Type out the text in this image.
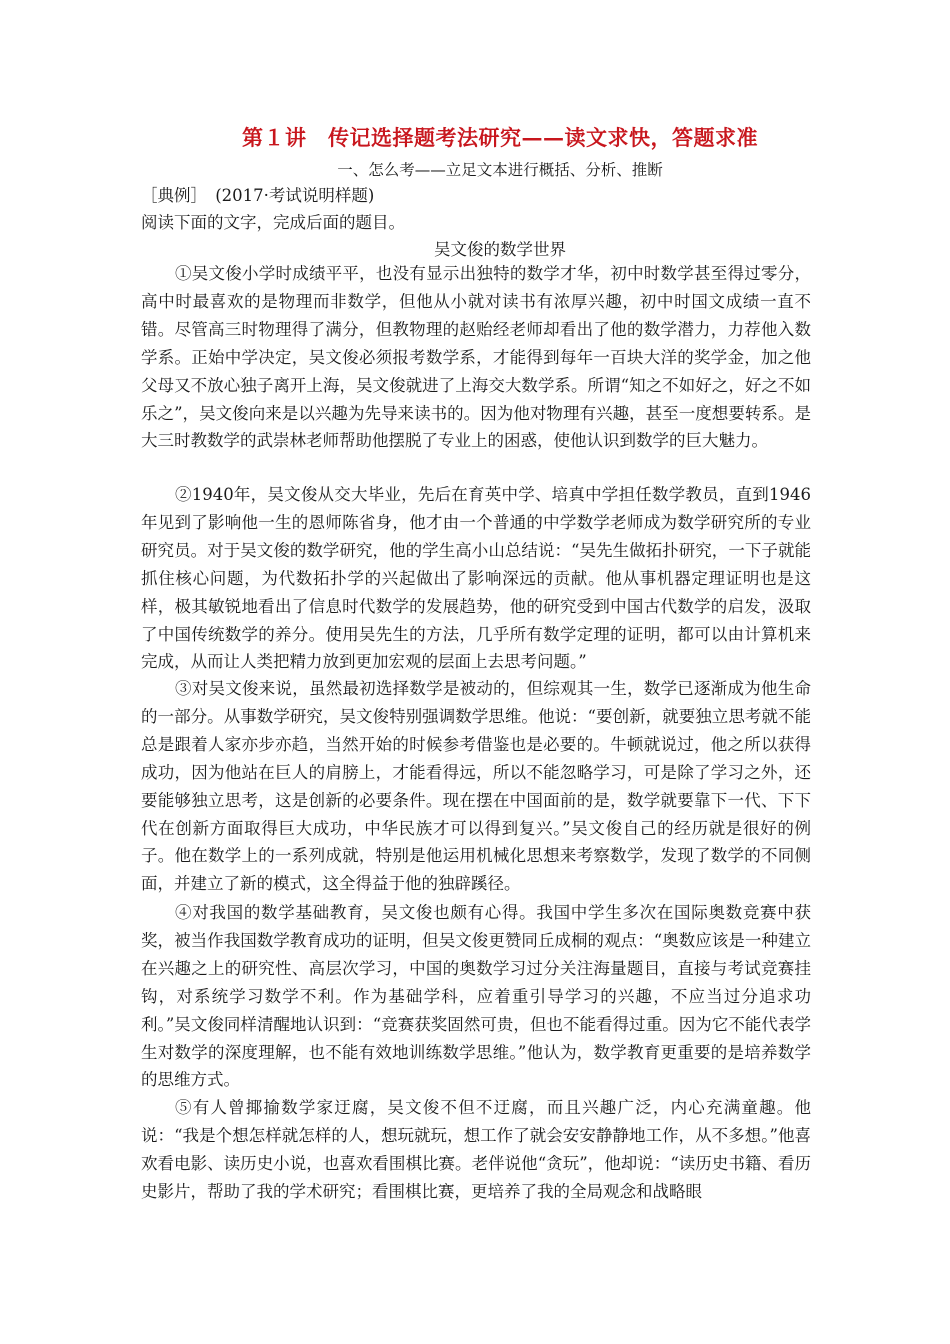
第１讲　传记选择题考法研究——读文求快，答题求准
一、怎么考——立足文本进行概括、分析、推断
［典例］　(2017·考试说明样题)
阅读下面的文字，完成后面的题目。
吴文俊的数学世界
①吴文俊小学时成绩平平，也没有显示出独特的数学才华，初中时数学甚至得过零分，高中时最喜欢的是物理而非数学，但他从小就对读书有浓厚兴趣，初中时国文成绩一直不错。尽管高三时物理得了满分，但教物理的赵贻经老师却看出了他的数学潜力，力荐他入数学系。正始中学决定，吴文俊必须报考数学系，才能得到每年一百块大洋的奖学金，加之他父母又不放心独子离开上海，吴文俊就进了上海交大数学系。所谓“知之不如好之，好之不如乐之”，吴文俊向来是以兴趣为先导来读书的。因为他对物理有兴趣，甚至一度想要转系。是大三时教数学的武崇林老师帮助他摆脱了专业上的困惑，使他认识到数学的巨大魅力。
②1940年，吴文俊从交大毕业，先后在育英中学、培真中学担任数学教员，直到1946年见到了影响他一生的恩师陈省身，他才由一个普通的中学数学老师成为数学研究所的专业研究员。对于吴文俊的数学研究，他的学生高小山总结说：“吴先生做拓扑研究，一下子就能抓住核心问题，为代数拓扑学的兴起做出了影响深远的贡献。他从事机器定理证明也是这样，极其敏锐地看出了信息时代数学的发展趋势，他的研究受到中国古代数学的启发，汲取了中国传统数学的养分。使用吴先生的方法，几乎所有数学定理的证明，都可以由计算机来完成，从而让人类把精力放到更加宏观的层面上去思考问题。”
③对吴文俊来说，虽然最初选择数学是被动的，但综观其一生，数学已逐渐成为他生命的一部分。从事数学研究，吴文俊特别强调数学思维。他说：“要创新，就要独立思考就不能总是跟着人家亦步亦趋，当然开始的时候参考借鉴也是必要的。牛顿就说过，他之所以获得成功，因为他站在巨人的肩膀上，才能看得远，所以不能忽略学习，可是除了学习之外，还要能够独立思考，这是创新的必要条件。现在摆在中国面前的是，数学就要靠下一代、下下代在创新方面取得巨大成功，中华民族才可以得到复兴。”吴文俊自己的经历就是很好的例子。他在数学上的一系列成就，特别是他运用机械化思想来考察数学，发现了数学的不同侧面，并建立了新的模式，这全得益于他的独辟蹊径。
④对我国的数学基础教育，吴文俊也颇有心得。我国中学生多次在国际奥数竞赛中获奖，被当作我国数学教育成功的证明，但吴文俊更赞同丘成桐的观点：“奥数应该是一种建立在兴趣之上的研究性、高层次学习，中国的奥数学习过分关注海量题目，直接与考试竞赛挂钩，对系统学习数学不利。作为基础学科，应着重引导学习的兴趣，不应当过分追求功利。”吴文俊同样清醒地认识到：“竞赛获奖固然可贵，但也不能看得过重。因为它不能代表学生对数学的深度理解，也不能有效地训练数学思维。”他认为，数学教育更重要的是培养数学的思维方式。
⑤有人曾揶揄数学家迂腐，吴文俊不但不迂腐，而且兴趣广泛，内心充满童趣。他说：“我是个想怎样就怎样的人，想玩就玩，想工作了就会安安静静地工作，从不多想。”他喜欢看电影、读历史小说，也喜欢看围棋比赛。老伴说他“贪玩”，他却说：“读历史书籍、看历史影片，帮助了我的学术研究；看围棋比赛，更培养了我的全局观念和战略眼
